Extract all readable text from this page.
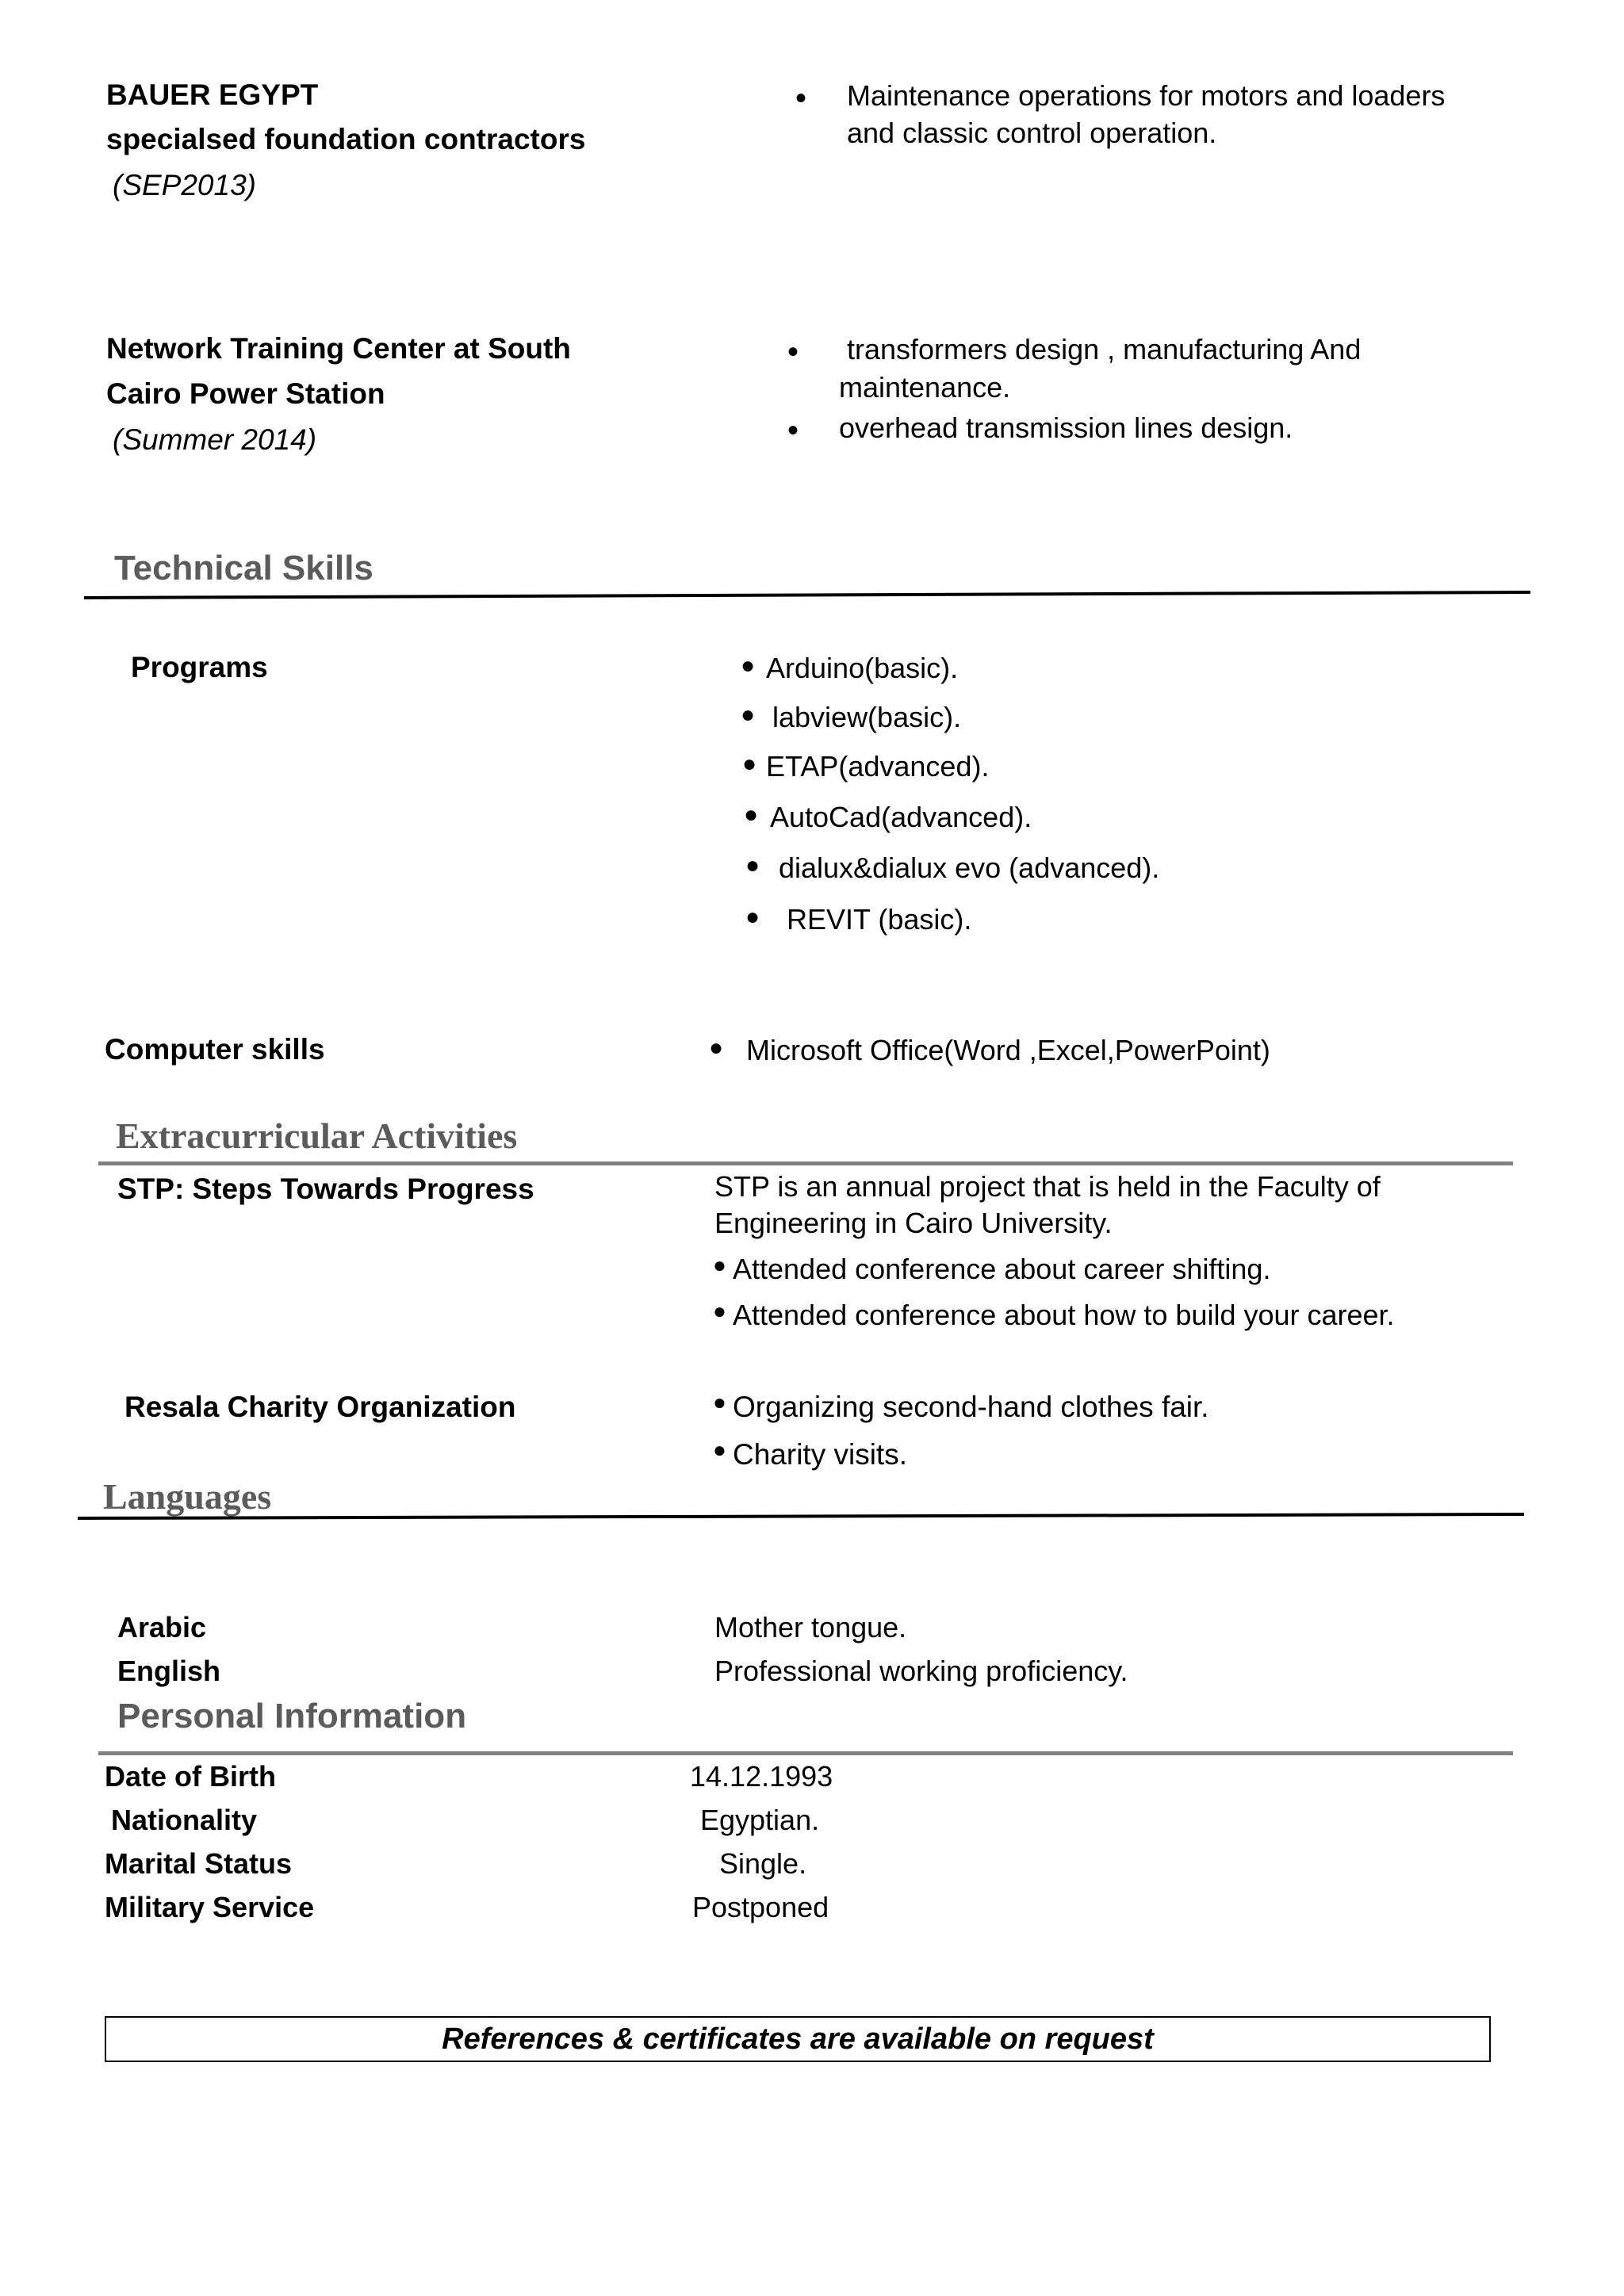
BAUER EGYPT
specialsed foundation contractors
(SEP2013)
• Maintenance operations for motors and loaders
and classic control operation.
Network Training Center at South
Cairo Power Station
(Summer 2014)
• transformers design , manufacturing And
maintenance.
• overhead transmission lines design.
Technical Skills
Programs	● Arduino(basic).
● labview(basic).
● ETAP(advanced).
● AutoCad(advanced).
● dialux&dialux evo (advanced).
● REVIT (basic).
Computer skills	● Microsoft Office(Word ,Excel,PowerPoint)
Extracurricular Activities
STP: Steps Towards Progress	STP is an annual project that is held in the Faculty of
Engineering in Cairo University.
● Attended conference about career shifting.
● Attended conference about how to build your career.
Resala Charity Organization	● Organizing second-hand clothes fair.
● Charity visits.
Languages
Arabic	Mother tongue.
English	Professional working proficiency.
Personal Information
Date of Birth	14.12.1993
Nationality	Egyptian.
Marital Status	Single.
Military Service	Postponed
References & certificates are available on request
